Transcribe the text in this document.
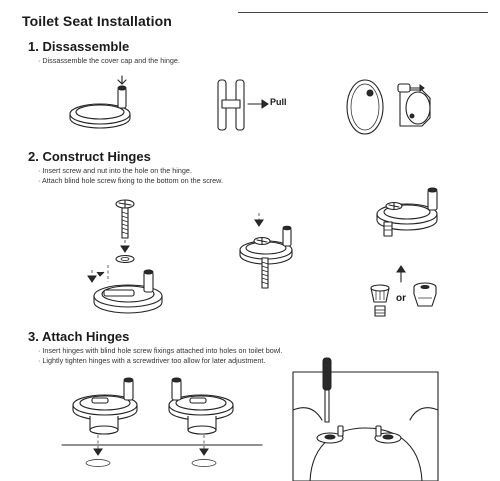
Toilet Seat Installation
1. Dissassemble
· Dissassemble the cover cap and the hinge.
2. Construct Hinges
· Insert screw and nut into the hole on the hinge.
· Attach blind hole screw fixing to the bottom on the screw.
3. Attach Hinges
· Insert hinges with blind hole screw fixings attached into holes on toilet bowl.
· Lightly tighten hinges with a screwdriver too allow for later adjustment.
Pull
or
